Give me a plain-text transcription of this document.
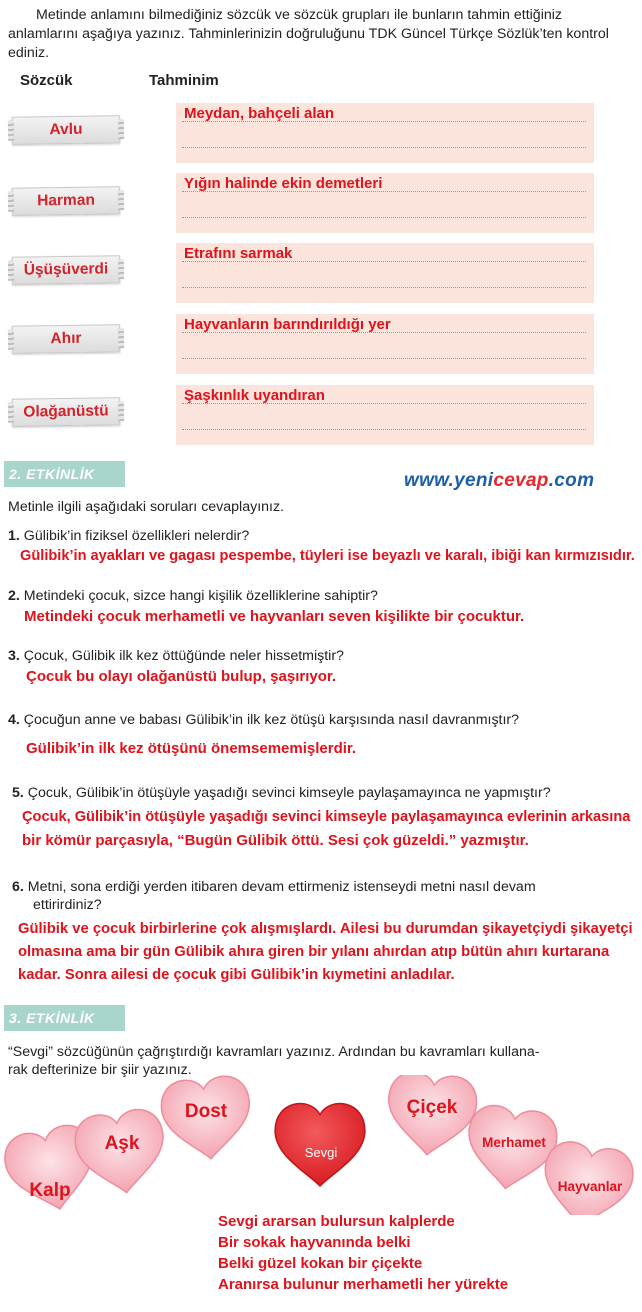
Metinde anlamını bilmediğiniz sözcük ve sözcük grupları ile bunların tahmin ettiğiniz anlamlarını aşağıya yazınız. Tahminlerinizin doğruluğunu TDK Güncel Türkçe Sözlük’ten kontrol ediniz.
Sözcük	Tahminim
Avlu
Meydan, bahçeli alan
Harman
Yığın halinde ekin demetleri
Üşüşüverdi
Etrafını sarmak
Ahır
Hayvanların barındırıldığı yer
Olağanüstü
Şaşkınlık uyandıran
2. ETKİNLİK	www.yenicevap.com
Metinle ilgili aşağıdaki soruları cevaplayınız.
1. Gülibik’in fiziksel özellikleri nelerdir?
Gülibik’in ayakları ve gagası pespembe, tüyleri ise beyazlı ve karalı, ibiği kan kırmızısıdır.
2. Metindeki çocuk, sizce hangi kişilik özelliklerine sahiptir?
Metindeki çocuk merhametli ve hayvanları seven kişilikte bir çocuktur.
3. Çocuk, Gülibik ilk kez öttüğünde neler hissetmiştir?
Çocuk bu olayı olağanüstü bulup, şaşırıyor.
4. Çocuğun anne ve babası Gülibik’in ilk kez ötüşü karşısında nasıl davranmıştır?
Gülibik’in ilk kez ötüşünü önemsememişlerdir.
5. Çocuk, Gülibik’in ötüşüyle yaşadığı sevinci kimseyle paylaşamayınca ne yapmıştır?
Çocuk, Gülibik’in ötüşüyle yaşadığı sevinci kimseyle paylaşamayınca evlerinin arkasına
bir kömür parçasıyla, “Bugün Gülibik öttü. Sesi çok güzeldi.” yazmıştır.
6. Metni, sona erdiği yerden itibaren devam ettirmeniz istenseydi metni nasıl devam
ettirirdiniz?
Gülibik ve çocuk birbirlerine çok alışmışlardı. Ailesi bu durumdan şikayetçiydi şikayetçi
olmasına ama bir gün Gülibik ahıra giren bir yılanı ahırdan atıp bütün ahırı kurtarana
kadar. Sonra ailesi de çocuk gibi Gülibik’in kıymetini anladılar.
3. ETKİNLİK
“Sevgi” sözcüğünün çağrıştırdığı kavramları yazınız. Ardından bu kavramları kullana-
rak defterinize bir şiir yazınız.
Kalp
Aşk
Dost
Sevgi
Çiçek
Merhamet
Hayvanlar
Sevgi ararsan bulursun kalplerde
Bir sokak hayvanında belki
Belki güzel kokan bir çiçekte
Aranırsa bulunur merhametli her yürekte
